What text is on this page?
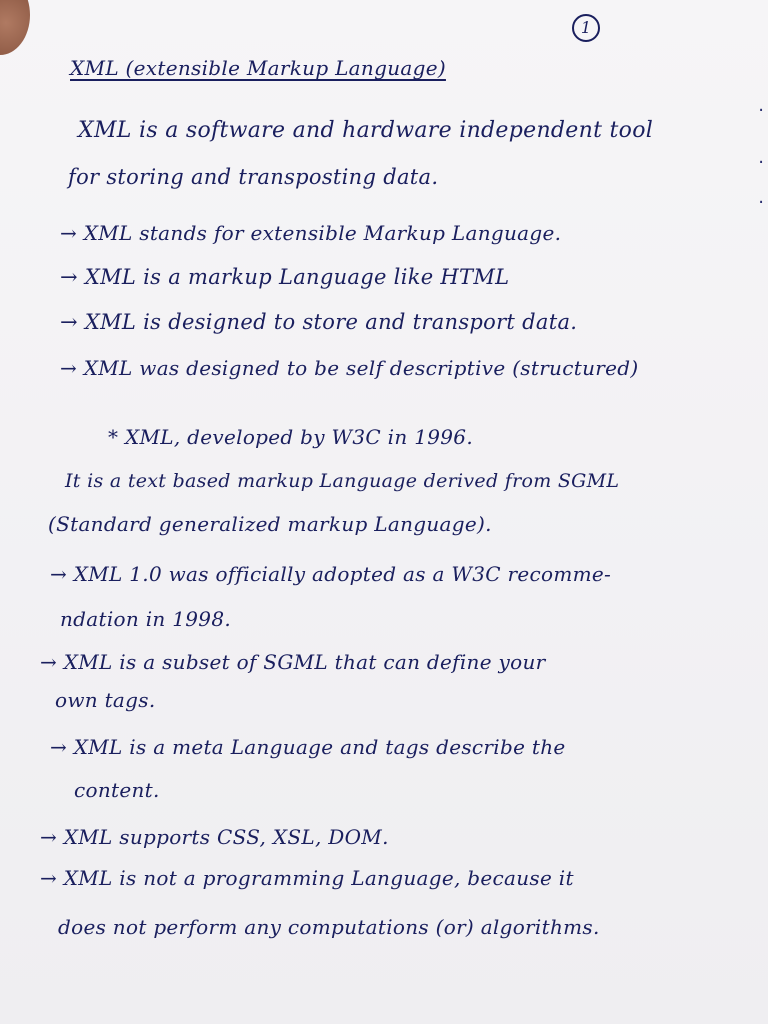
1
·
·
·
XML (extensible Markup Language)
XML is a software and hardware independent tool
for storing and transposting data.
→ XML stands for extensible Markup Language.
→ XML is a markup Language like HTML
→ XML is designed to store and transport data.
→ XML was designed to be self descriptive (structured)
* XML, developed by W3C in 1996.
It is a text based markup Language derived from SGML
(Standard generalized markup Language).
→ XML 1.0 was officially adopted as a W3C recomme-
ndation in 1998.
→ XML is a subset of SGML that can define your
own tags.
→ XML is a meta Language and tags describe the
content.
→ XML supports CSS, XSL, DOM.
→ XML is not a programming Language, because it
does not perform any computations (or) algorithms.
